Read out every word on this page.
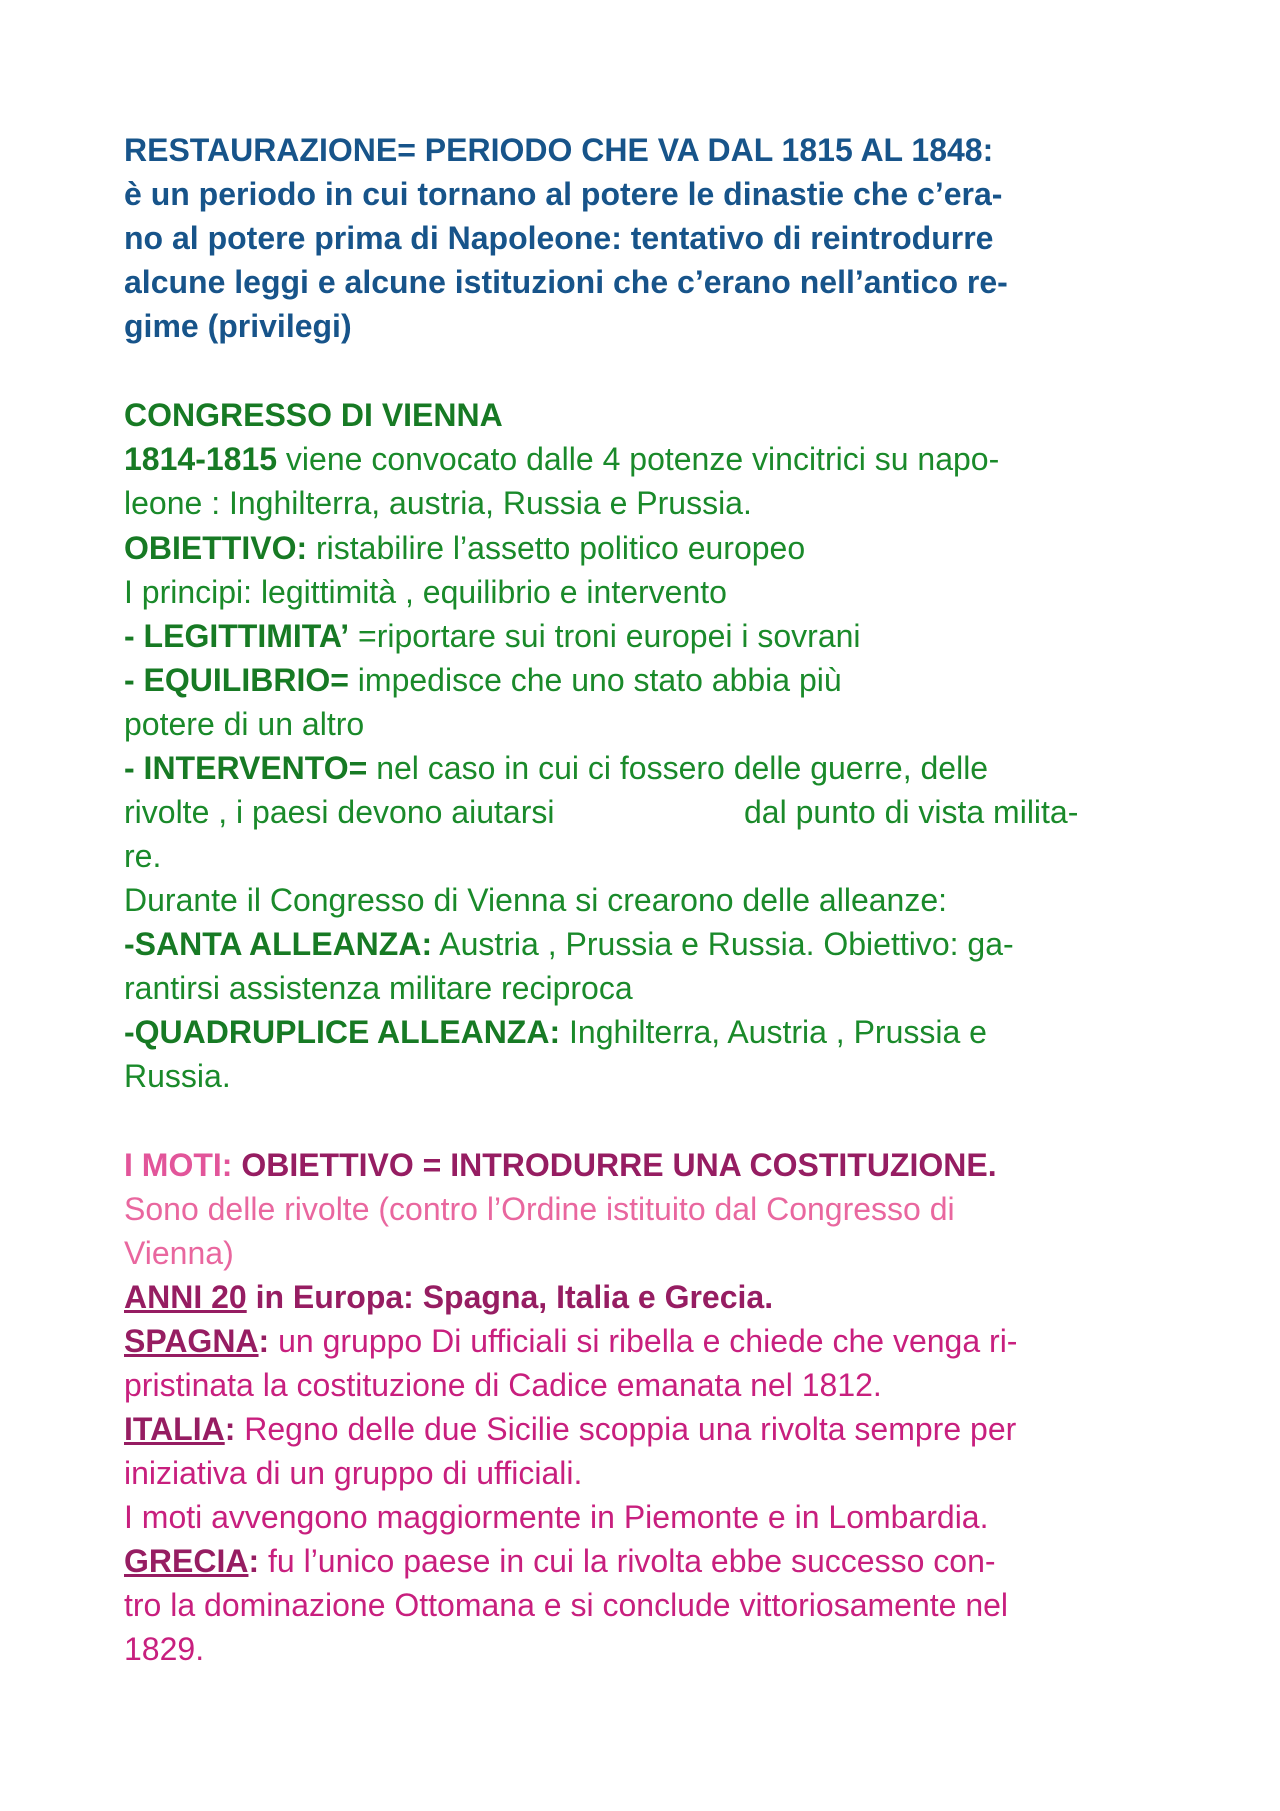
RESTAURAZIONE= PERIODO CHE VA DAL 1815 AL 1848:

è un periodo in cui tornano al potere le dinastie che c’era-

no al potere prima di Napoleone: tentativo di reintrodurre

alcune leggi e alcune istituzioni che c’erano nell’antico re-

gime (privilegi)

CONGRESSO DI VIENNA

1814-1815 viene convocato dalle 4 potenze vincitrici su napo-

leone : Inghilterra, austria, Russia e Prussia.

OBIETTIVO: ristabilire l’assetto politico europeo

I principi: legittimità , equilibrio e intervento

- LEGITTIMITA’ =riportare sui troni europei i sovrani

- EQUILIBRIO= impedisce che uno stato abbia più

potere di un altro

- INTERVENTO= nel caso in cui ci fossero delle guerre, delle

rivolte , i paesi devono aiutarsi	dal punto di vista milita-

re.

Durante il Congresso di Vienna si crearono delle alleanze:

-SANTA ALLEANZA: Austria , Prussia e Russia. Obiettivo: ga-

rantirsi assistenza militare reciproca

-QUADRUPLICE ALLEANZA: Inghilterra, Austria , Prussia e

Russia.

I MOTI: OBIETTIVO = INTRODURRE UNA COSTITUZIONE.

Sono delle rivolte (contro l’Ordine istituito dal Congresso di

Vienna)

ANNI 20 in Europa: Spagna, Italia e Grecia.

SPAGNA: un gruppo Di ufficiali si ribella e chiede che venga ri-

pristinata la costituzione di Cadice emanata nel 1812.

ITALIA: Regno delle due Sicilie scoppia una rivolta sempre per

iniziativa di un gruppo di ufficiali.

I moti avvengono maggiormente in Piemonte e in Lombardia.

GRECIA: fu l’unico paese in cui la rivolta ebbe successo con-

tro la dominazione Ottomana e si conclude vittoriosamente nel

1829.
